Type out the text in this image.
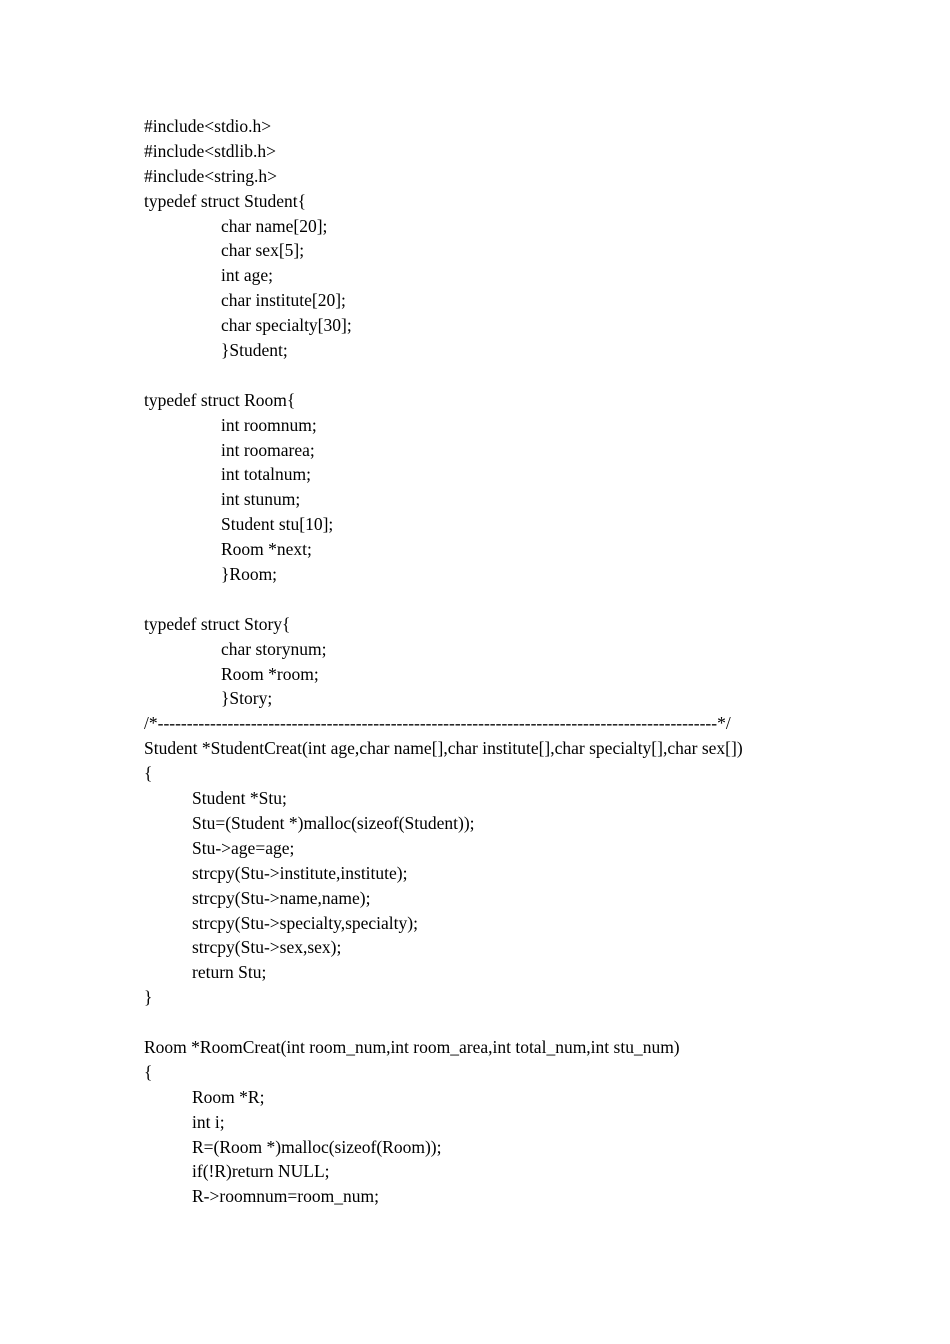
#include<stdio.h>
#include<stdlib.h>
#include<string.h>
typedef struct Student{
char name[20];
char sex[5];
int age;
char institute[20];
char specialty[30];
}Student;
typedef struct Room{
int roomnum;
int roomarea;
int totalnum;
int stunum;
Student stu[10];
Room *next;
}Room;
typedef struct Story{
char storynum;
Room *room;
}Story;
/*------------------------------------------------------------------------------------------------*/
Student *StudentCreat(int age,char name[],char institute[],char specialty[],char sex[])
{
Student *Stu;
Stu=(Student *)malloc(sizeof(Student));
Stu->age=age;
strcpy(Stu->institute,institute);
strcpy(Stu->name,name);
strcpy(Stu->specialty,specialty);
strcpy(Stu->sex,sex);
return Stu;
}
Room *RoomCreat(int room_num,int room_area,int total_num,int stu_num)
{
Room *R;
int i;
R=(Room *)malloc(sizeof(Room));
if(!R)return NULL;
R->roomnum=room_num;
